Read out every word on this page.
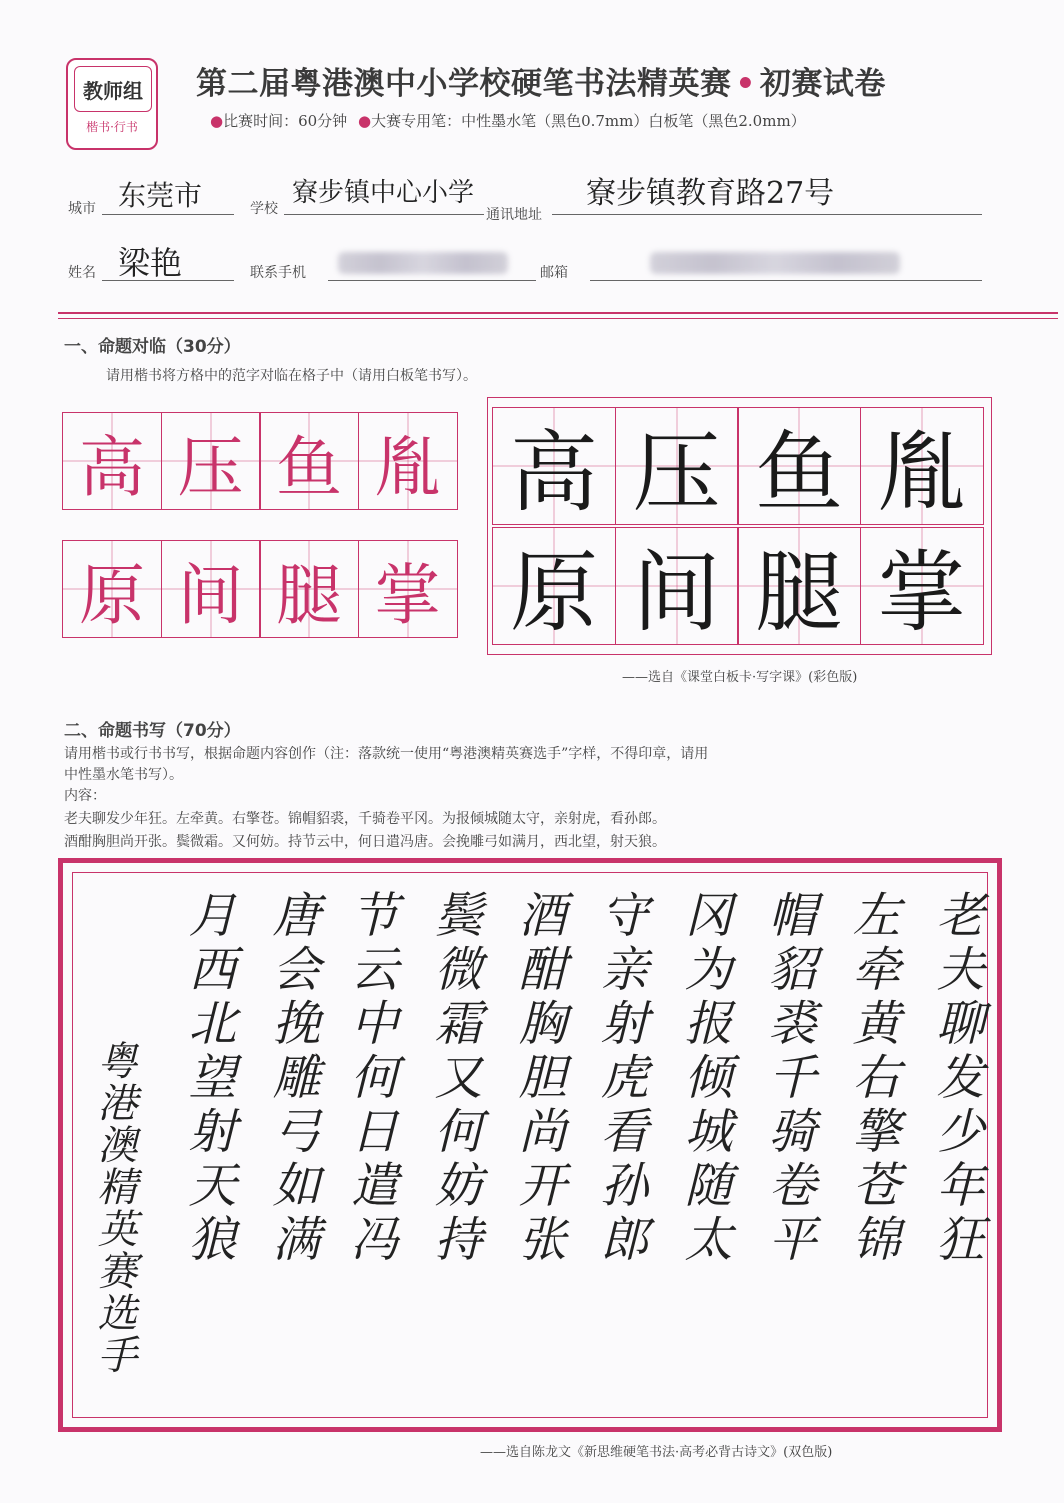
教师组
楷书·行书
第二届粤港澳中小学校硬笔书法精英赛 • 初赛试卷
●比赛时间：60分钟 ●大赛专用笔：中性墨水笔（黑色0.7mm）白板笔（黑色2.0mm）
城市 东莞市	学校
寮步镇中心小学
通讯地址
寮步镇教育路27号
姓名 梁艳	联系手机	邮箱
一、命题对临（30分）
请用楷书将方格中的范字对临在格子中（请用白板笔书写）。
高 压 鱼 胤
原 间 腿 掌
高 压 鱼 胤
原 间 腿 掌
——选自《课堂白板卡·写字课》(彩色版)
二、命题书写（70分）
请用楷书或行书书写，根据命题内容创作（注：落款统一使用“粤港澳精英赛选手”字样，不得印章，请用
中性墨水笔书写）。
内容：
老夫聊发少年狂。左牵黄。右擎苍。锦帽貂裘，千骑卷平冈。为报倾城随太守，亲射虎，看孙郎。
酒酣胸胆尚开张。鬓微霜。又何妨。持节云中，何日遣冯唐。会挽雕弓如满月，西北望，射天狼。
老夫聊发少年狂
左牵黄右擎苍锦
帽貂裘千骑卷平
冈为报倾城随太
守亲射虎看孙郎
酒酣胸胆尚开张
鬓微霜又何妨持
节云中何日遣冯
唐会挽雕弓如满
月西北望射天狼
粤港澳精英赛选手
——选自陈龙文《新思维硬笔书法·高考必背古诗文》(双色版)
